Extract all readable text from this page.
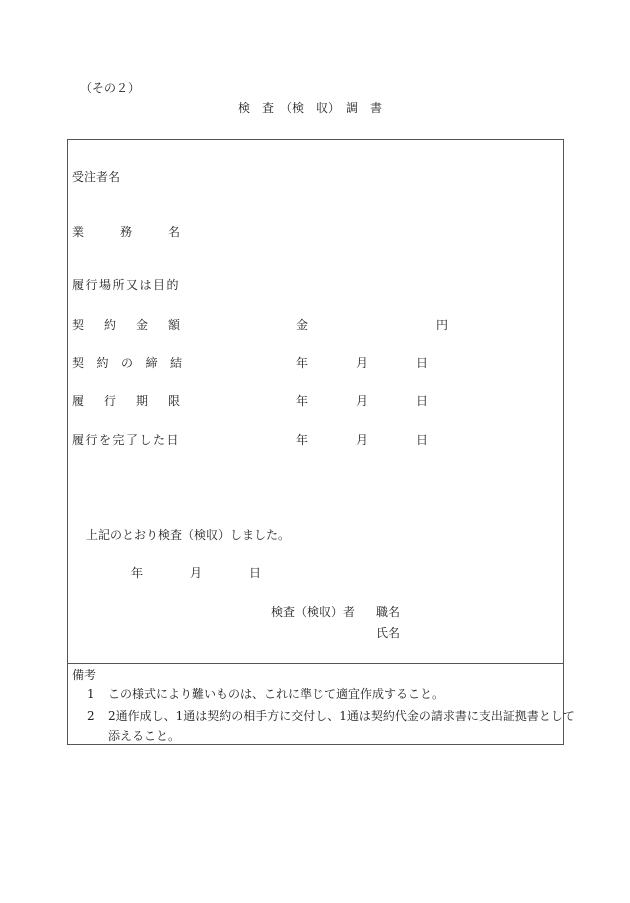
（その２）
検　査　（検　収）　調　書
受注者名
業務名
履行場所又は目的
契約金額	金	円
契約の締結	年	月	日
履行期限	年	月	日
履行を完了した日	年	月	日
上記のとおり検査（検収）しました。
年	月	日
検査（検収）者 職名
氏名
備考
1 この様式により難いものは、これに準じて適宜作成すること。
2 2通作成し、1通は契約の相手方に交付し、1通は契約代金の請求書に支出証拠書として
添えること。
